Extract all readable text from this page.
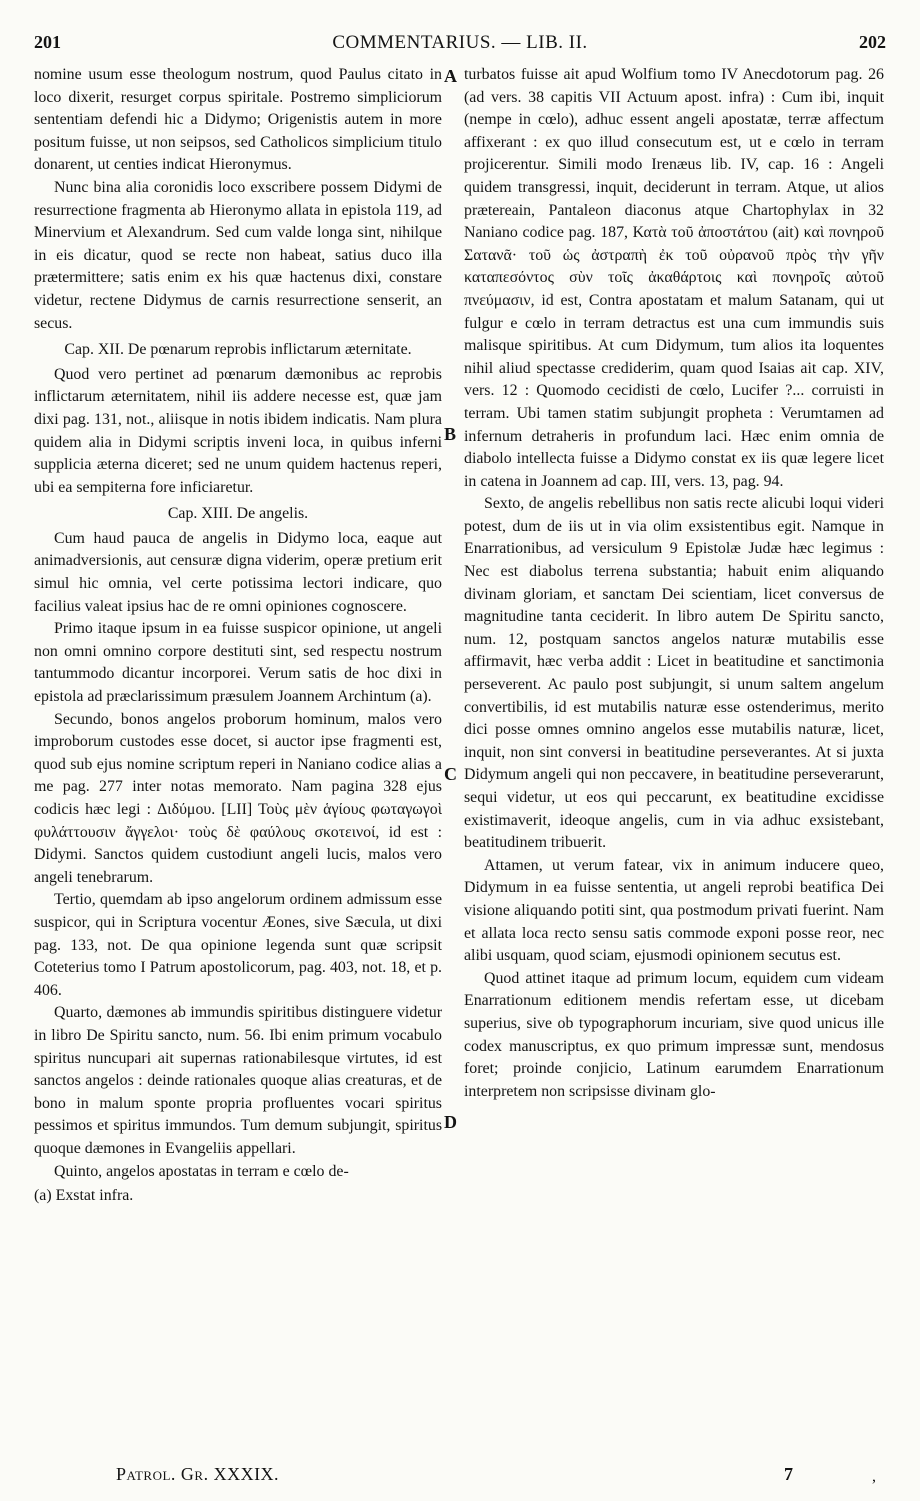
201	COMMENTARIUS. — LIB. II.	202

nomine usum esse theologum nostrum, quod Paulus citato in loco dixerit, resurget corpus spiritale. Postremo simpliciorum sententiam defendi hic a Didymo; Origenistis autem in more positum fuisse, ut non seipsos, sed Catholicos simplicium titulo donarent, ut centies indicat Hieronymus.

Nunc bina alia coronidis loco exscribere possem Didymi de resurrectione fragmenta ab Hieronymo allata in epistola 119, ad Minervium et Alexandrum. Sed cum valde longa sint, nihilque in eis dicatur, quod se recte non habeat, satius duco illa prætermittere; satis enim ex his quæ hactenus dixi, constare videtur, rectene Didymus de carnis resurrectione senserit, an secus.

Cap. XII. De pœnarum reprobis inflictarum æternitate.

Quod vero pertinet ad pœnarum dæmonibus ac reprobis inflictarum æternitatem, nihil iis addere necesse est, quæ jam dixi pag. 131, not., aliisque in notis ibidem indicatis. Nam plura quidem alia in Didymi scriptis inveni loca, in quibus inferni supplicia æterna diceret; sed ne unum quidem hactenus reperi, ubi ea sempiterna fore inficiaretur.

Cap. XIII. De angelis.

Cum haud pauca de angelis in Didymo loca, eaque aut animadversionis, aut censuræ digna viderim, operæ pretium erit simul hic omnia, vel certe potissima lectori indicare, quo facilius valeat ipsius hac de re omni opiniones cognoscere.

Primo itaque ipsum in ea fuisse suspicor opinione, ut angeli non omni omnino corpore destituti sint, sed respectu nostrum tantummodo dicantur incorporei. Verum satis de hoc dixi in epistola ad præclarissimum præsulem Joannem Archintum (a).

Secundo, bonos angelos proborum hominum, malos vero improborum custodes esse docet, si auctor ipse fragmenti est, quod sub ejus nomine scriptum reperi in Naniano codice alias a me pag. 277 inter notas memorato. Nam pagina 328 ejus codicis hæc legi : Διδύμου. [LII] Τοὺς μὲν ἁγίους φωταγωγοὶ φυλάττουσιν ἄγγελοι· τοὺς δὲ φαύλους σκοτεινοί, id est : Didymi. Sanctos quidem custodiunt angeli lucis, malos vero angeli tenebrarum.

Tertio, quemdam ab ipso angelorum ordinem admissum esse suspicor, qui in Scriptura vocentur Æones, sive Sæcula, ut dixi pag. 133, not. De qua opinione legenda sunt quæ scripsit Coteterius tomo I Patrum apostolicorum, pag. 403, not. 18, et p. 406.

Quarto, dæmones ab immundis spiritibus distinguere videtur in libro De Spiritu sancto, num. 56. Ibi enim primum vocabulo spiritus nuncupari ait supernas rationabilesque virtutes, id est sanctos angelos : deinde rationales quoque alias creaturas, et de bono in malum sponte propria profluentes vocari spiritus pessimos et spiritus immundos. Tum demum subjungit, spiritus quoque dæmones in Evangeliis appellari.

Quinto, angelos apostatas in terram e cœlo de-

(a) Exstat infra.

turbatos fuisse ait apud Wolfium tomo IV Anecdotorum pag. 26 (ad vers. 38 capitis VII Actuum apost. infra) : Cum ibi, inquit (nempe in cœlo), adhuc essent angeli apostatæ, terræ affectum affixerant : ex quo illud consecutum est, ut e cœlo in terram projicerentur. Simili modo Irenæus lib. IV, cap. 16 : Angeli quidem transgressi, inquit, deciderunt in terram. Atque, ut alios prætereain, Pantaleon diaconus atque Chartophylax in 32 Naniano codice pag. 187, Κατὰ τοῦ ἀποστάτου (ait) καὶ πονηροῦ Σατανᾶ· τοῦ ὡς ἀστραπὴ ἐκ τοῦ οὐρανοῦ πρὸς τὴν γῆν καταπεσόντος σὺν τοῖς ἀκαθάρτοις καὶ πονηροῖς αὐτοῦ πνεύμασιν, id est, Contra apostatam et malum Satanam, qui ut fulgur e cœlo in terram detractus est una cum immundis suis malisque spiritibus. At cum Didymum, tum alios ita loquentes nihil aliud spectasse crediderim, quam quod Isaias ait cap. XIV, vers. 12 : Quomodo cecidisti de cœlo, Lucifer ?... corruisti in terram. Ubi tamen statim subjungit propheta : Verumtamen ad infernum detraheris in profundum laci. Hæc enim omnia de diabolo intellecta fuisse a Didymo constat ex iis quæ legere licet in catena in Joannem ad cap. III, vers. 13, pag. 94.

Sexto, de angelis rebellibus non satis recte alicubi loqui videri potest, dum de iis ut in via olim exsistentibus egit. Namque in Enarrationibus, ad versiculum 9 Epistolæ Judæ hæc legimus : Nec est diabolus terrena substantia; habuit enim aliquando divinam gloriam, et sanctam Dei scientiam, licet conversus de magnitudine tanta ceciderit. In libro autem De Spiritu sancto, num. 12, postquam sanctos angelos naturæ mutabilis esse affirmavit, hæc verba addit : Licet in beatitudine et sanctimonia perseverent. Ac paulo post subjungit, si unum saltem angelum convertibilis, id est mutabilis naturæ esse ostenderimus, merito dici posse omnes omnino angelos esse mutabilis naturæ, licet, inquit, non sint conversi in beatitudine perseverantes. At si juxta Didymum angeli qui non peccavere, in beatitudine perseverarunt, sequi videtur, ut eos qui peccarunt, ex beatitudine excidisse existimaverit, ideoque angelis, cum in via adhuc exsistebant, beatitudinem tribuerit.

Attamen, ut verum fatear, vix in animum inducere queo, Didymum in ea fuisse sententia, ut angeli reprobi beatifica Dei visione aliquando potiti sint, qua postmodum privati fuerint. Nam et allata loca recto sensu satis commode exponi posse reor, nec alibi usquam, quod sciam, ejusmodi opinionem secutus est.

Quod attinet itaque ad primum locum, equidem cum videam Enarrationum editionem mendis refertam esse, ut dicebam superius, sive ob typographorum incuriam, sive quod unicus ille codex manuscriptus, ex quo primum impressæ sunt, mendosus foret; proinde conjicio, Latinum earumdem Enarrationum interpretem non scripsisse divinam glo-

A
B
C
D
Patrol. Gr. XXXIX.	7	,
